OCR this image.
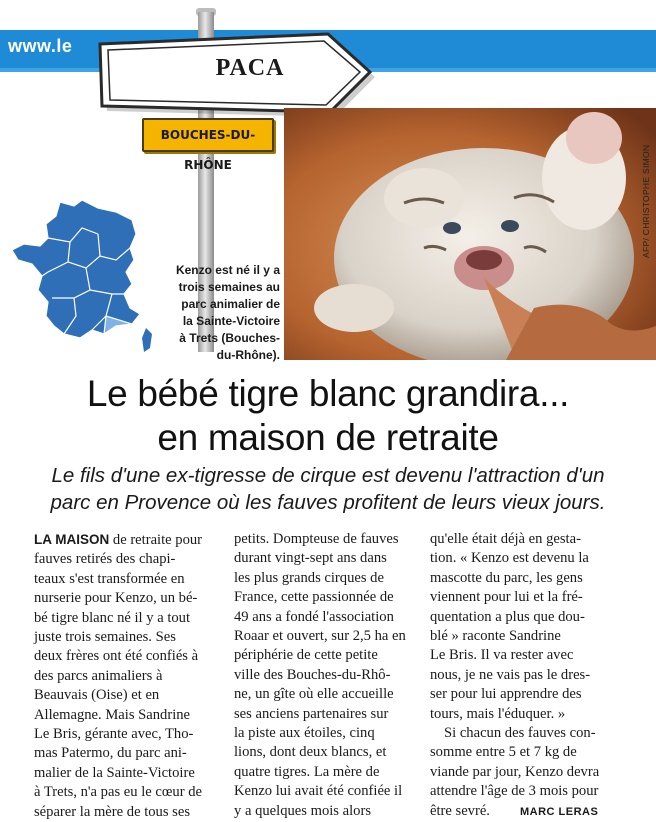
www.le
PACA
BOUCHES-DU-RHÔNE	AFP/ CHRISTOPHE SIMON
Kenzo est né il y a
trois semaines au
parc animalier de
la Sainte-Victoire
à Trets (Bouches-
du-Rhône).
Le bébé tigre blanc grandira...
en maison de retraite
Le fils d'une ex-tigresse de cirque est devenu l'attraction d'un
parc en Provence où les fauves profitent de leurs vieux jours.
LA MAISON de retraite pour
fauves retirés des chapi-
teaux s'est transformée en
nurserie pour Kenzo, un bé-
bé tigre blanc né il y a tout
juste trois semaines. Ses
deux frères ont été confiés à
des parcs animaliers à
Beauvais (Oise) et en
Allemagne. Mais Sandrine
Le Bris, gérante avec, Tho-
mas Patermo, du parc ani-
malier de la Sainte-Victoire
à Trets, n'a pas eu le cœur de
séparer la mère de tous ses
petits. Dompteuse de fauves
durant vingt-sept ans dans
les plus grands cirques de
France, cette passionnée de
49 ans a fondé l'association
Roaar et ouvert, sur 2,5 ha en
périphérie de cette petite
ville des Bouches-du-Rhô-
ne, un gîte où elle accueille
ses anciens partenaires sur
la piste aux étoiles, cinq
lions, dont deux blancs, et
quatre tigres. La mère de
Kenzo lui avait été confiée il
y a quelques mois alors
qu'elle était déjà en gesta-
tion. « Kenzo est devenu la
mascotte du parc, les gens
viennent pour lui et la fré-
quentation a plus que dou-
blé » raconte Sandrine
Le Bris. Il va rester avec
nous, je ne vais pas le dres-
ser pour lui apprendre des
tours, mais l'éduquer. »
Si chacun des fauves con-
somme entre 5 et 7 kg de
viande par jour, Kenzo devra
attendre l'âge de 3 mois pour
être sevré.	MARC LERAS
